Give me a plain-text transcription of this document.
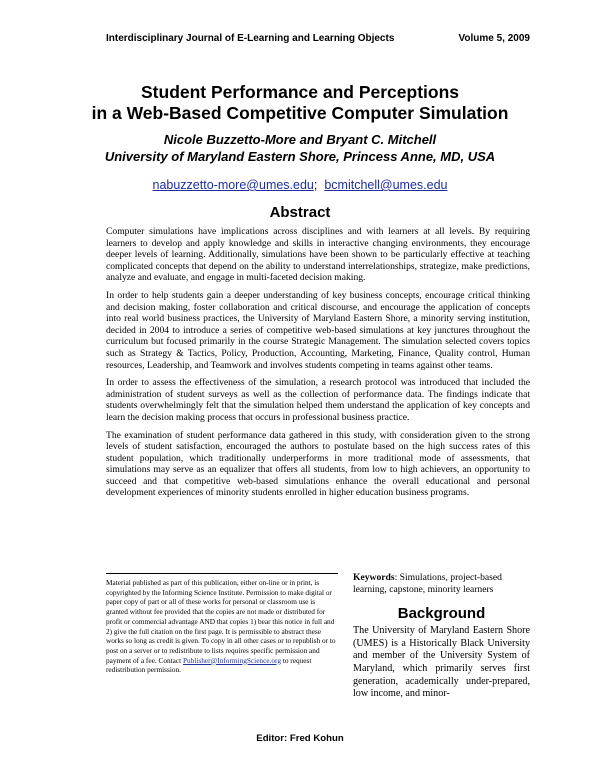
Interdisciplinary Journal of E-Learning and Learning Objects	Volume 5, 2009
Student Performance and Perceptions
in a Web-Based Competitive Computer Simulation
Nicole Buzzetto-More and Bryant C. Mitchell
University of Maryland Eastern Shore, Princess Anne, MD, USA
nabuzzetto-more@umes.edu; bcmitchell@umes.edu
Abstract

Computer simulations have implications across disciplines and with learners at all levels. By requiring learners to develop and apply knowledge and skills in interactive changing environments, they encourage deeper levels of learning. Additionally, simulations have been shown to be particularly effective at teaching complicated concepts that depend on the ability to understand interrelationships, strategize, make predictions, analyze and evaluate, and engage in multi-faceted decision making.

In order to help students gain a deeper understanding of key business concepts, encourage critical thinking and decision making, foster collaboration and critical discourse, and encourage the application of concepts into real world business practices, the University of Maryland Eastern Shore, a minority serving institution, decided in 2004 to introduce a series of competitive web-based simulations at key junctures throughout the curriculum but focused primarily in the course Strategic Management. The simulation selected covers topics such as Strategy & Tactics, Policy, Production, Accounting, Marketing, Finance, Quality control, Human resources, Leadership, and Teamwork and involves students competing in teams against other teams.

In order to assess the effectiveness of the simulation, a research protocol was introduced that included the administration of student surveys as well as the collection of performance data. The findings indicate that students overwhelmingly felt that the simulation helped them understand the application of key concepts and learn the decision making process that occurs in professional business practice.

The examination of student performance data gathered in this study, with consideration given to the strong levels of student satisfaction, encouraged the authors to postulate based on the high success rates of this student population, which traditionally underperforms in more traditional mode of assessments, that simulations may serve as an equalizer that offers all students, from low to high achievers, an opportunity to succeed and that competitive web-based simulations enhance the overall educational and personal development experiences of minority students enrolled in higher education business programs.

Material published as part of this publication, either on-line or in print, is copyrighted by the Informing Science Institute. Permission to make digital or paper copy of part or all of these works for personal or classroom use is granted without fee provided that the copies are not made or distributed for profit or commercial advantage AND that copies 1) bear this notice in full and 2) give the full citation on the first page. It is permissible to abstract these works so long as credit is given. To copy in all other cases or to republish or to post on a server or to redistribute to lists requires specific permission and payment of a fee. Contact Publisher@InformingScience.org to request redistribution permission.
Keywords: Simulations, project-based learning, capstone, minority learners
Background
The University of Maryland Eastern Shore (UMES) is a Historically Black University and member of the University System of Maryland, which primarily serves first generation, academically under-prepared, low income, and minor-
Editor: Fred Kohun
